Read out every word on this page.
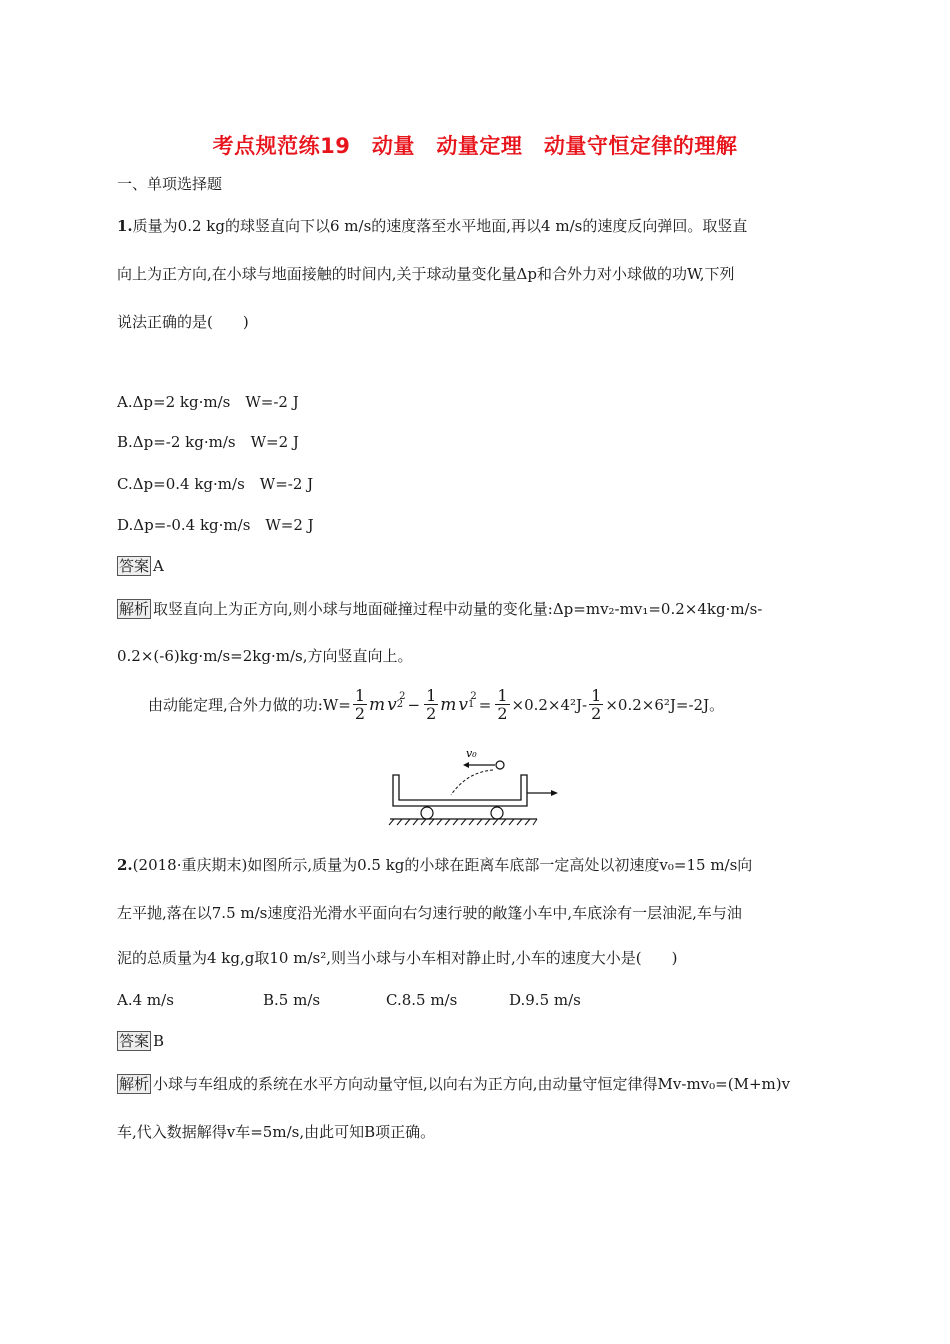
考点规范练19　动量　动量定理　动量守恒定律的理解
一、单项选择题
1.质量为0.2 kg的球竖直向下以6 m/s的速度落至水平地面,再以4 m/s的速度反向弹回。取竖直
向上为正方向,在小球与地面接触的时间内,关于球动量变化量Δp和合外力对小球做的功W,下列
说法正确的是(　　)
A.Δp=2 kg·m/s　W=-2 J
B.Δp=-2 kg·m/s　W=2 J
C.Δp=0.4 kg·m/s　W=-2 J
D.Δp=-0.4 kg·m/s　W=2 J
答案 A
解析 取竖直向上为正方向,则小球与地面碰撞过程中动量的变化量:Δp=mv₂-mv₁=0.2×4kg·m/s-
0.2×(-6)kg·m/s=2kg·m/s,方向竖直向上。
由动能定理,合外力做的功:W= $\frac{1}{2}$ m v 2
$^2 - \frac{1}{2}$ m v 1
$^2 = \frac{1}{2} \times 0.2\times 4^2J- \frac{1}{2} \times 0.2\times 6^2J=-2J$。
v₀
2.(2018·重庆期末)如图所示,质量为0.5 kg的小球在距离车底部一定高处以初速度v₀=15 m/s向
左平抛,落在以7.5 m/s速度沿光滑水平面向右匀速行驶的敞篷小车中,车底涂有一层油泥,车与油
泥的总质量为4 kg,g取10 m/s²,则当小球与小车相对静止时,小车的速度大小是(　　)
A.4 m/s	B.5 m/s	C.8.5 m/s	D.9.5 m/s
答案 B
解析 小球与车组成的系统在水平方向动量守恒,以向右为正方向,由动量守恒定律得Mv-mv₀=(M+m)v
车,代入数据解得v车=5m/s,由此可知B项正确。
